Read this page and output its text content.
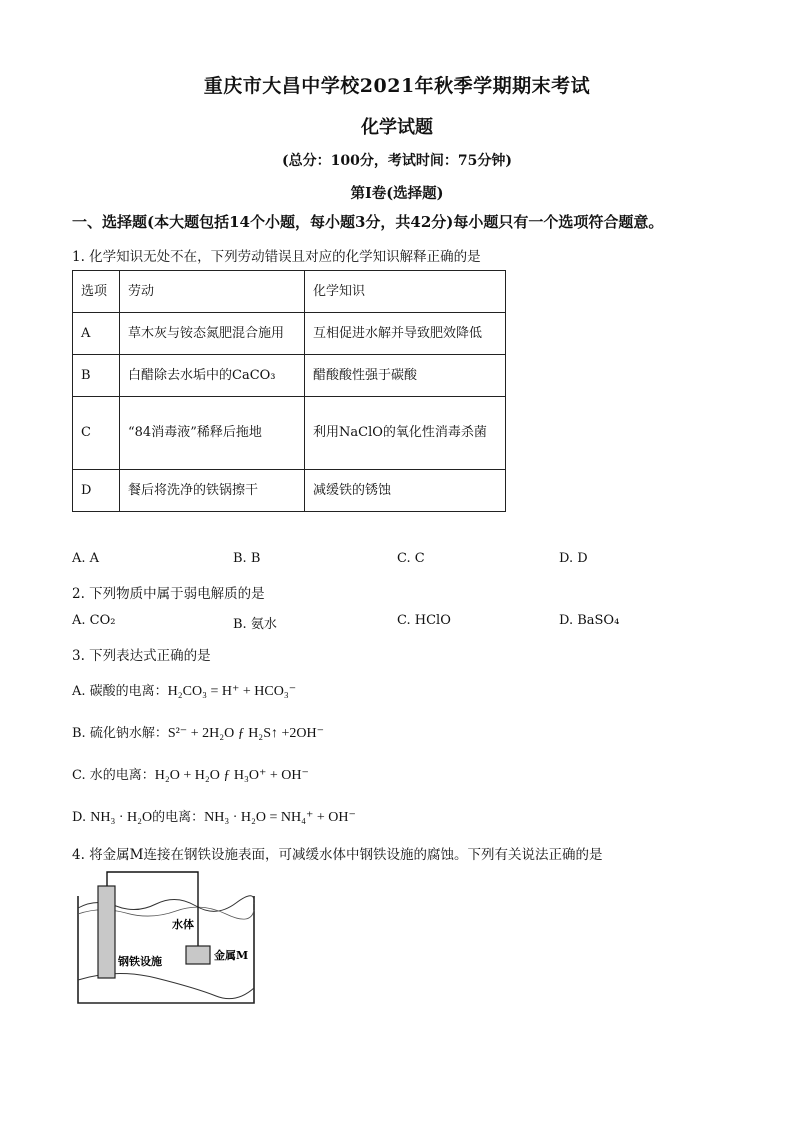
重庆市大昌中学校2021年秋季学期期末考试
化学试题
(总分：100分，考试时间：75分钟)
第I卷(选择题)
一、选择题(本大题包括14个小题，每小题3分，共42分)每小题只有一个选项符合题意。
1. 化学知识无处不在，下列劳动错误且对应的化学知识解释正确的是
选项	劳动	化学知识
A	草木灰与铵态氮肥混合施用	互相促进水解并导致肥效降低
B	白醋除去水垢中的CaCO₃	醋酸酸性强于碳酸
C	“84消毒液”稀释后拖地	利用NaClO的氧化性消毒杀菌
D	餐后将洗净的铁锅擦干	减缓铁的锈蚀
A. A	B. B	C. C	D. D
2. 下列物质中属于弱电解质的是
A. CO₂	B. 氨水	C. HClO	D. BaSO₄
3. 下列表达式正确的是
A. 碳酸的电离：H₂CO₃ = H⁺ + HCO₃⁻
B. 硫化钠水解：S²⁻ + 2H₂O ƒ H₂S↑ +2OH⁻
C. 水的电离：H₂O + H₂O ƒ H₃O⁺ + OH⁻
D. NH₃ · H₂O的电离：NH₃ · H₂O = NH₄⁺ + OH⁻
4. 将金属M连接在钢铁设施表面，可减缓水体中钢铁设施的腐蚀。下列有关说法正确的是
水体
钢铁设施	金属M
